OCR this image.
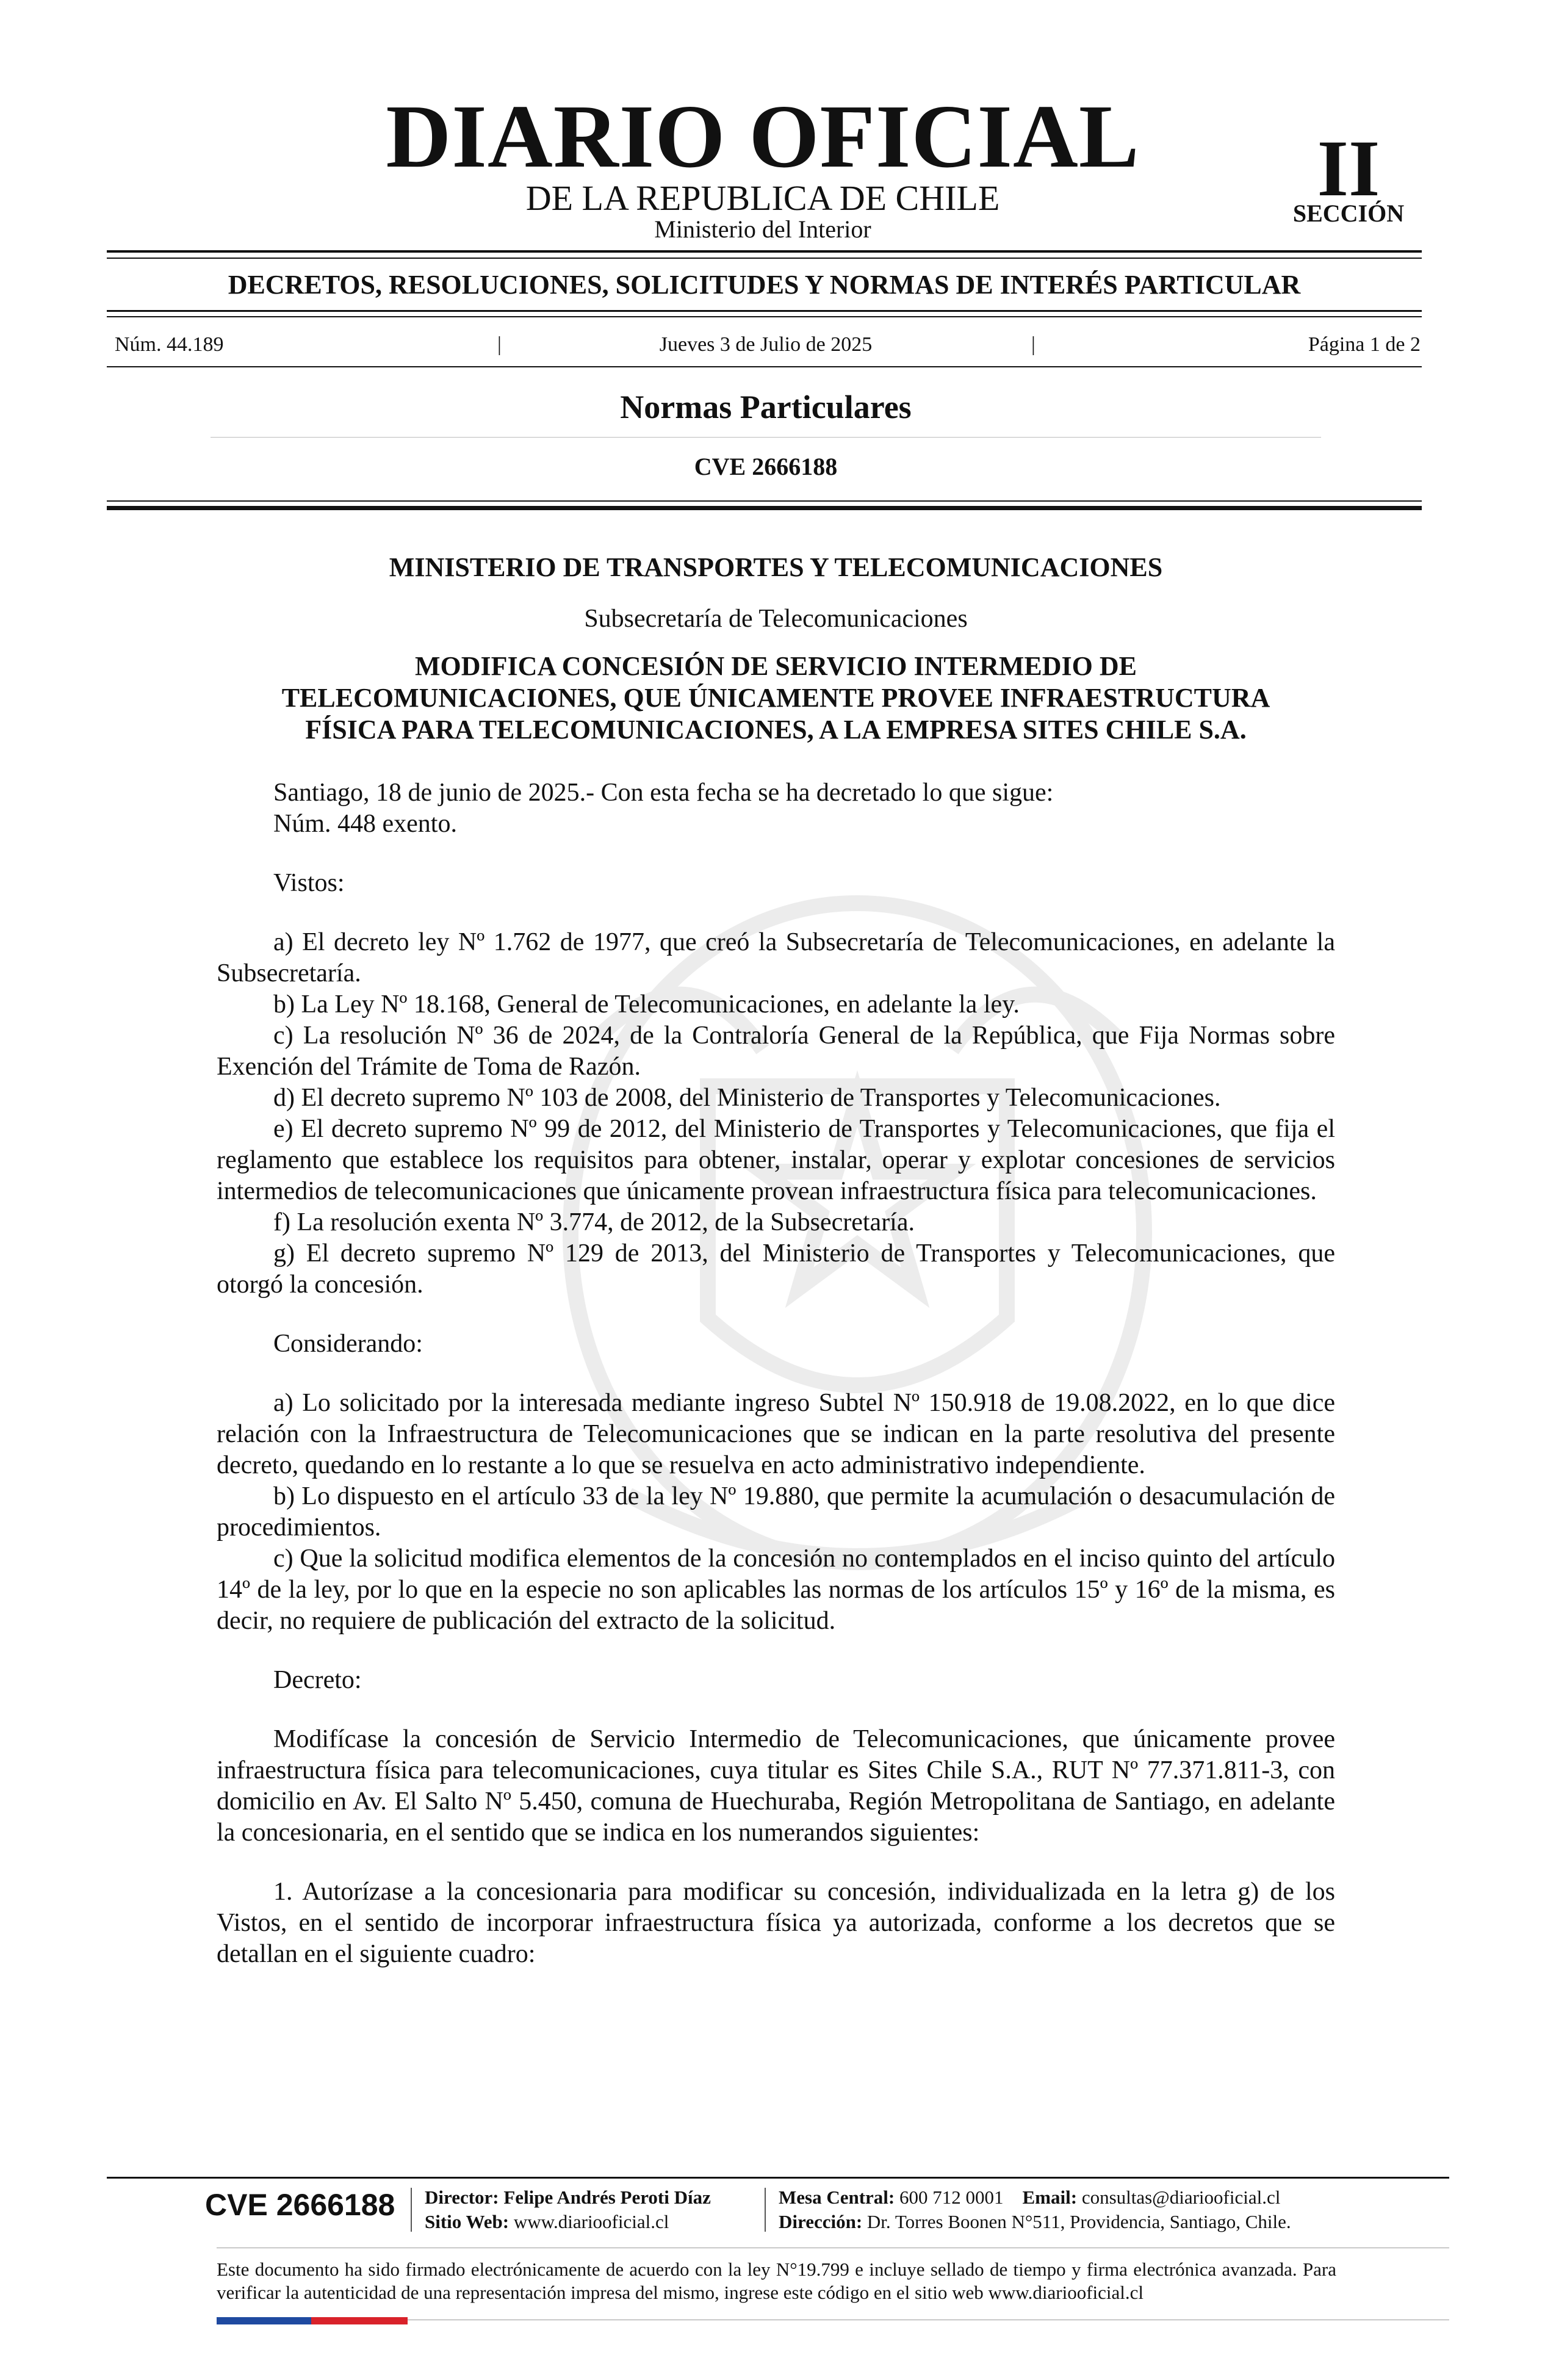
DIARIO OFICIAL
DE LA REPUBLICA DE CHILE
Ministerio del Interior
II
SECCIÓN
DECRETOS, RESOLUCIONES, SOLICITUDES Y NORMAS DE INTERÉS PARTICULAR
Núm. 44.189	|	Jueves 3 de Julio de 2025	|	Página 1 de 2
Normas Particulares
CVE 2666188
MINISTERIO DE TRANSPORTES Y TELECOMUNICACIONES
Subsecretaría de Telecomunicaciones
MODIFICA CONCESIÓN DE SERVICIO INTERMEDIO DE
TELECOMUNICACIONES, QUE ÚNICAMENTE PROVEE INFRAESTRUCTURA
FÍSICA PARA TELECOMUNICACIONES, A LA EMPRESA SITES CHILE S.A.

Santiago, 18 de junio de 2025.- Con esta fecha se ha decretado lo que sigue:

Núm. 448 exento.

Vistos:

a) El decreto ley Nº 1.762 de 1977, que creó la Subsecretaría de Telecomunicaciones, en adelante la Subsecretaría.

b) La Ley Nº 18.168, General de Telecomunicaciones, en adelante la ley.

c) La resolución Nº 36 de 2024, de la Contraloría General de la República, que Fija Normas sobre Exención del Trámite de Toma de Razón.

d) El decreto supremo Nº 103 de 2008, del Ministerio de Transportes y Telecomunicaciones.

e) El decreto supremo Nº 99 de 2012, del Ministerio de Transportes y Telecomunicaciones, que fija el reglamento que establece los requisitos para obtener, instalar, operar y explotar concesiones de servicios intermedios de telecomunicaciones que únicamente provean infraestructura física para telecomunicaciones.

f) La resolución exenta Nº 3.774, de 2012, de la Subsecretaría.

g) El decreto supremo Nº 129 de 2013, del Ministerio de Transportes y Telecomunicaciones, que otorgó la concesión.

Considerando:

a) Lo solicitado por la interesada mediante ingreso Subtel Nº 150.918 de 19.08.2022, en lo que dice relación con la Infraestructura de Telecomunicaciones que se indican en la parte resolutiva del presente decreto, quedando en lo restante a lo que se resuelva en acto administrativo independiente.

b) Lo dispuesto en el artículo 33 de la ley Nº 19.880, que permite la acumulación o desacumulación de procedimientos.

c) Que la solicitud modifica elementos de la concesión no contemplados en el inciso quinto del artículo 14º de la ley, por lo que en la especie no son aplicables las normas de los artículos 15º y 16º de la misma, es decir, no requiere de publicación del extracto de la solicitud.

Decreto:

Modifícase la concesión de Servicio Intermedio de Telecomunicaciones, que únicamente provee infraestructura física para telecomunicaciones, cuya titular es Sites Chile S.A., RUT Nº 77.371.811-3, con domicilio en Av. El Salto Nº 5.450, comuna de Huechuraba, Región Metropolitana de Santiago, en adelante la concesionaria, en el sentido que se indica en los numerandos siguientes:

1. Autorízase a la concesionaria para modificar su concesión, individualizada en la letra g) de los Vistos, en el sentido de incorporar infraestructura física ya autorizada, conforme a los decretos que se detallan en el siguiente cuadro:

CVE 2666188 Director: Felipe Andrés Peroti Díaz
Sitio Web: www.diariooficial.cl
Mesa Central: 600 712 0001 Email: consultas@diariooficial.cl
Dirección: Dr. Torres Boonen N°511, Providencia, Santiago, Chile.
Este documento ha sido firmado electrónicamente de acuerdo con la ley N°19.799 e incluye sellado de tiempo y firma electrónica avanzada. Para verificar la autenticidad de una representación impresa del mismo, ingrese este código en el sitio web www.diariooficial.cl
